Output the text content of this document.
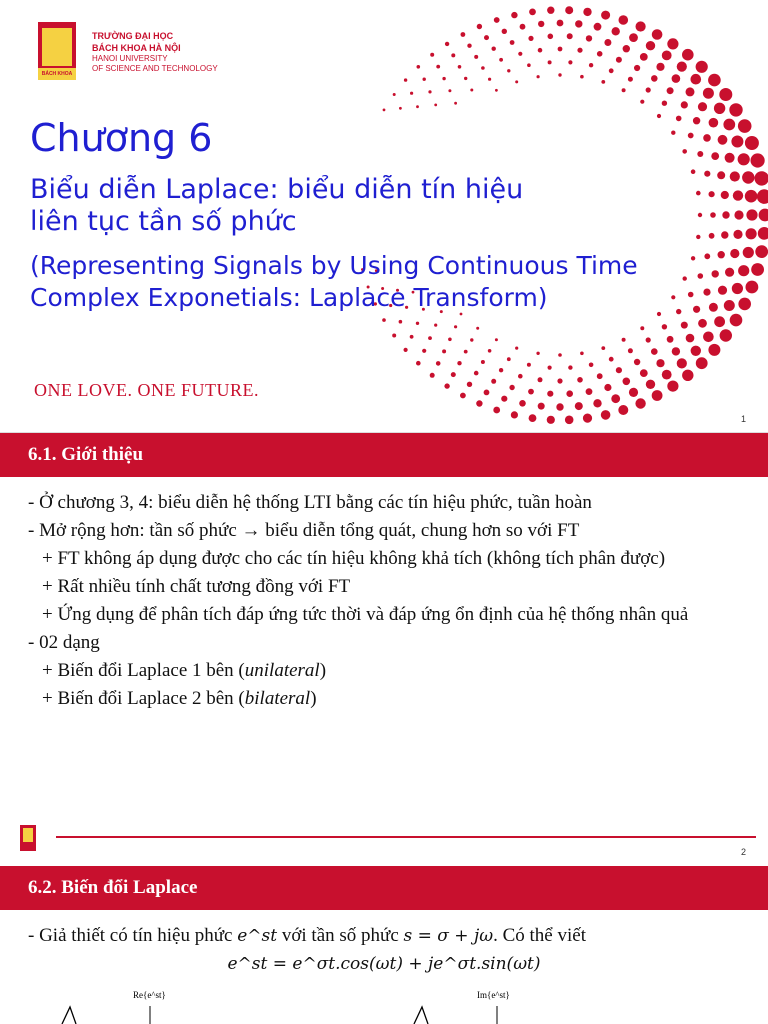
BÁCH KHOA
TRƯỜNG ĐẠI HỌC
BÁCH KHOA HÀ NỘI
HANOI UNIVERSITY
OF SCIENCE AND TECHNOLOGY
Chương 6
Biểu diễn Laplace: biểu diễn tín hiệu
liên tục tần số phức
(Representing Signals by Using Continuous Time
Complex Exponetials: Laplace Transform)
ONE LOVE. ONE FUTURE.
1
6.1. Giới thiệu

- Ở chương 3, 4: biểu diễn hệ thống LTI bằng các tín hiệu phức, tuần hoàn

- Mở rộng hơn: tần số phức → biểu diễn tổng quát, chung hơn so với FT

+ FT không áp dụng được cho các tín hiệu không khả tích (không tích phân được)

+ Rất nhiều tính chất tương đồng với FT

+ Ứng dụng để phân tích đáp ứng tức thời và đáp ứng ổn định của hệ thống nhân quả

- 02 dạng

+ Biến đổi Laplace 1 bên (unilateral)

+ Biến đổi Laplace 2 bên (bilateral)

2
6.2. Biến đổi Laplace

- Giả thiết có tín hiệu phức e^st với tần số phức s = σ + jω. Có thể viết

e^st = e^σt.cos(ωt) + je^σt.sin(ωt)

Re{e^st}	Im{e^st}
